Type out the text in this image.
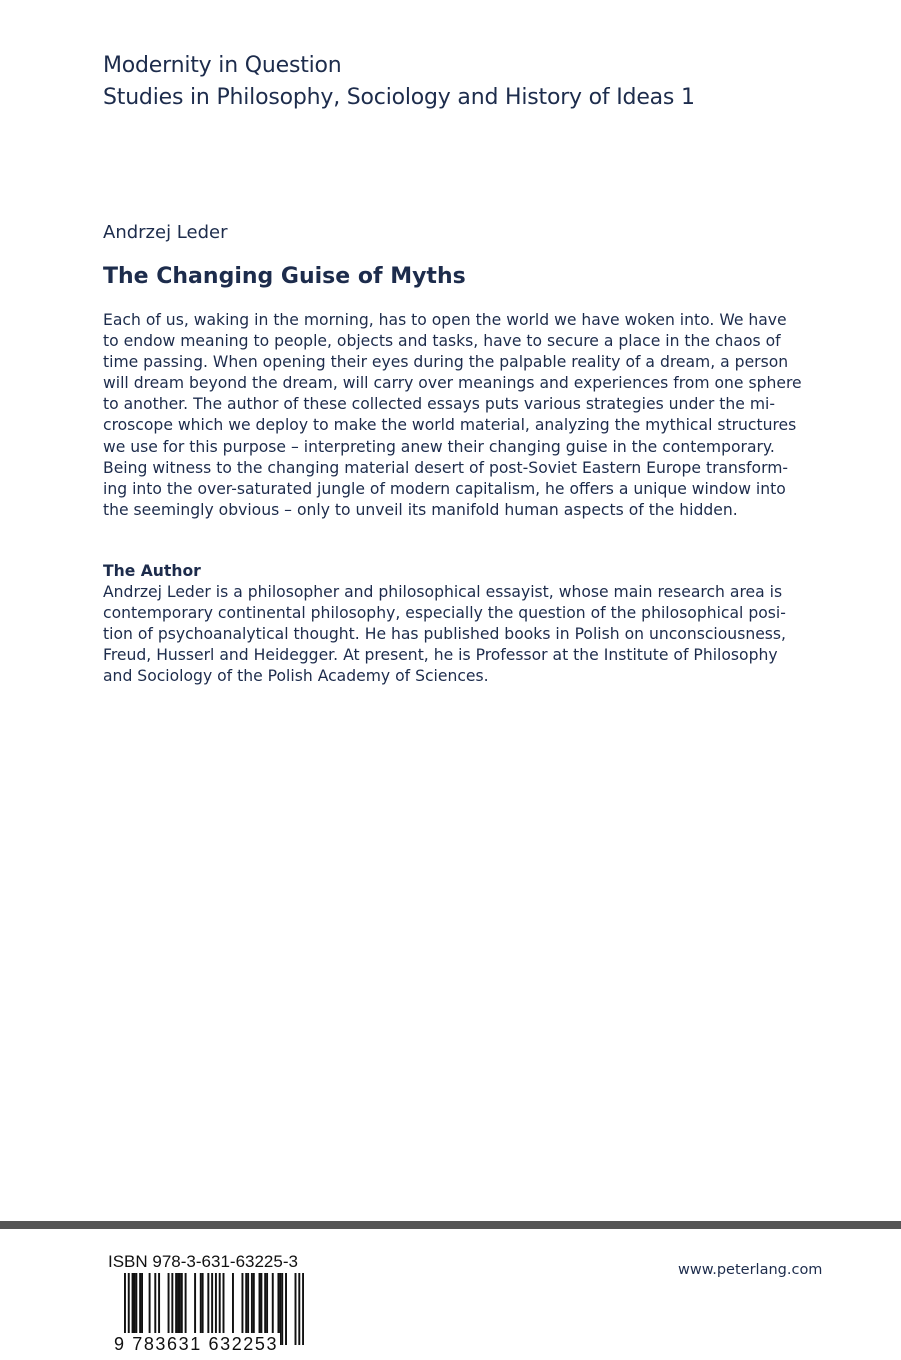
Modernity in Question
Studies in Philosophy, Sociology and History of Ideas 1
Andrzej Leder
The Changing Guise of Myths
Each of us, waking in the morning, has to open the world we have woken into. We have
to endow meaning to people, objects and tasks, have to secure a place in the chaos of
time passing. When opening their eyes during the palpable reality of a dream, a person
will dream beyond the dream, will carry over meanings and experiences from one sphere
to another. The author of these collected essays puts various strategies under the mi-
croscope which we deploy to make the world material, analyzing the mythical structures
we use for this purpose – interpreting anew their changing guise in the contemporary.
Being witness to the changing material desert of post-Soviet Eastern Europe transform-
ing into the over-saturated jungle of modern capitalism, he offers a unique window into
the seemingly obvious – only to unveil its manifold human aspects of the hidden.
The Author
Andrzej Leder is a philosopher and philosophical essayist, whose main research area is
contemporary continental philosophy, especially the question of the philosophical posi-
tion of psychoanalytical thought. He has published books in Polish on unconsciousness,
Freud, Husserl and Heidegger. At present, he is Professor at the Institute of Philosophy
and Sociology of the Polish Academy of Sciences.
ISBN 978-3-631-63225-3
9 783631 632253
www.peterlang.com
